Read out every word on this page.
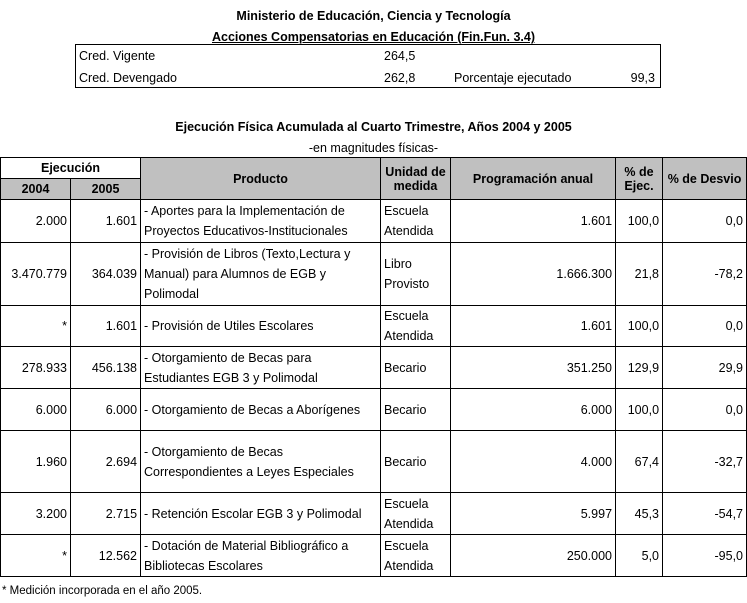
Ministerio de Educación, Ciencia y Tecnología
Acciones Compensatorias en Educación (Fin.Fun. 3.4)
Cred. Vigente	264,5
Cred. Devengado	262,8	Porcentaje ejecutado	99,3
Ejecución Física Acumulada al Cuarto Trimestre, Años 2004 y 2005
-en magnitudes físicas-
Ejecución		Producto	Unidad de medida	Programación anual	% de Ejec.	% de Desvio
2004	2005					
2.000	1.601	- Aportes para la Implementación de Proyectos Educativos-Institucionales	Escuela Atendida	1.601	100,0	0,0
3.470.779	364.039	- Provisión de Libros (Texto,Lectura y Manual) para Alumnos de EGB y Polimodal	Libro Provisto	1.666.300	21,8	-78,2
*	1.601	- Provisión de Utiles Escolares	Escuela Atendida	1.601	100,0	0,0
278.933	456.138	- Otorgamiento de Becas para Estudiantes EGB 3 y Polimodal	Becario	351.250	129,9	29,9
6.000	6.000	- Otorgamiento de Becas a Aborígenes	Becario	6.000	100,0	0,0
1.960	2.694	- Otorgamiento de Becas Correspondientes a Leyes Especiales	Becario	4.000	67,4	-32,7
3.200	2.715	- Retención Escolar EGB 3 y Polimodal	Escuela Atendida	5.997	45,3	-54,7
*	12.562	- Dotación de Material Bibliográfico a Bibliotecas Escolares	Escuela Atendida	250.000	5,0	-95,0
* Medición incorporada en el año 2005.
